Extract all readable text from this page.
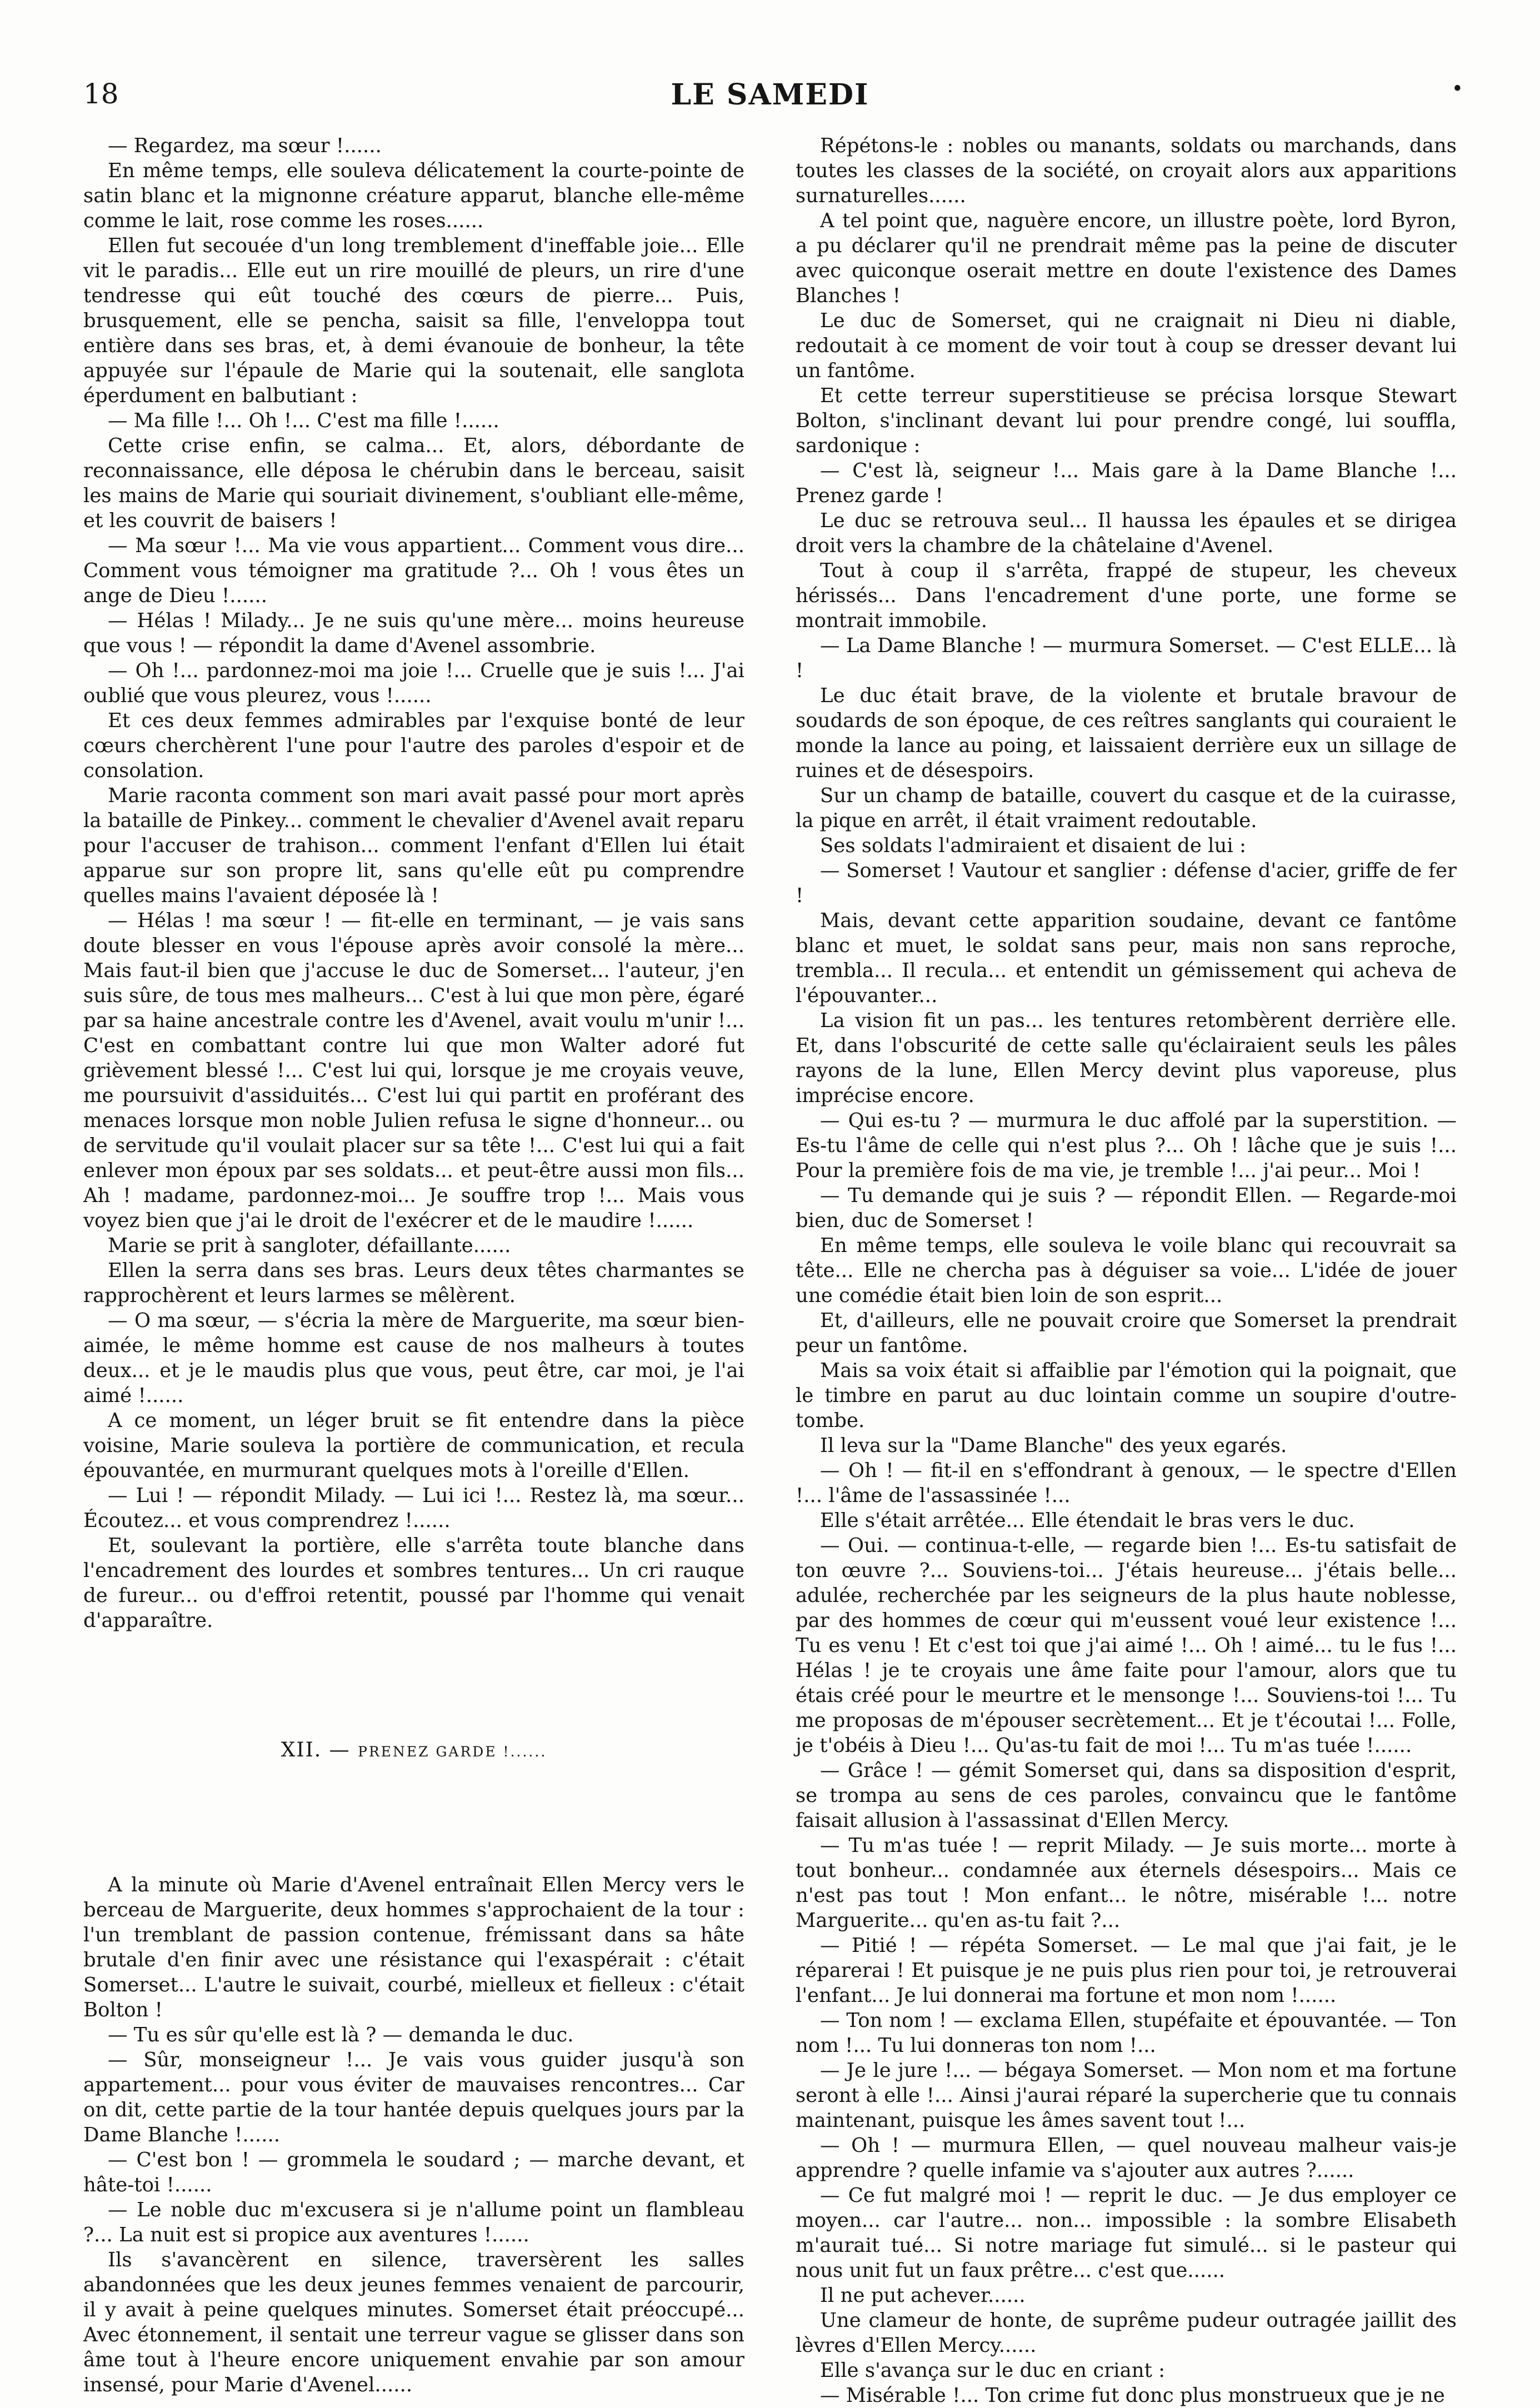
18	LE SAMEDI	•

— Regardez, ma sœur !......

En même temps, elle souleva délicatement la courte-pointe de satin blanc et la mignonne créature apparut, blanche elle-même comme le lait, rose comme les roses......

Ellen fut secouée d'un long tremblement d'ineffable joie... Elle vit le paradis... Elle eut un rire mouillé de pleurs, un rire d'une tendresse qui eût touché des cœurs de pierre... Puis, brusquement, elle se pencha, saisit sa fille, l'enveloppa tout entière dans ses bras, et, à demi évanouie de bonheur, la tête appuyée sur l'épaule de Marie qui la soutenait, elle sanglota éperdument en balbutiant :

— Ma fille !... Oh !... C'est ma fille !......

Cette crise enfin, se calma... Et, alors, débordante de reconnaissance, elle déposa le chérubin dans le berceau, saisit les mains de Marie qui souriait divinement, s'oubliant elle-même, et les couvrit de baisers !

— Ma sœur !... Ma vie vous appartient... Comment vous dire... Comment vous témoigner ma gratitude ?... Oh ! vous êtes un ange de Dieu !......

— Hélas ! Milady... Je ne suis qu'une mère... moins heureuse que vous ! — répondit la dame d'Avenel assombrie.

— Oh !... pardonnez-moi ma joie !... Cruelle que je suis !... J'ai oublié que vous pleurez, vous !......

Et ces deux femmes admirables par l'exquise bonté de leur cœurs cherchèrent l'une pour l'autre des paroles d'espoir et de consolation.

Marie raconta comment son mari avait passé pour mort après la bataille de Pinkey... comment le chevalier d'Avenel avait reparu pour l'accuser de trahison... comment l'enfant d'Ellen lui était apparue sur son propre lit, sans qu'elle eût pu comprendre quelles mains l'avaient déposée là !

— Hélas ! ma sœur ! — fit-elle en terminant, — je vais sans doute blesser en vous l'épouse après avoir consolé la mère... Mais faut-il bien que j'accuse le duc de Somerset... l'auteur, j'en suis sûre, de tous mes malheurs... C'est à lui que mon père, égaré par sa haine ancestrale contre les d'Avenel, avait voulu m'unir !... C'est en combattant contre lui que mon Walter adoré fut grièvement blessé !... C'est lui qui, lorsque je me croyais veuve, me poursuivit d'assiduités... C'est lui qui partit en proférant des menaces lorsque mon noble Julien refusa le signe d'honneur... ou de servitude qu'il voulait placer sur sa tête !... C'est lui qui a fait enlever mon époux par ses soldats... et peut-être aussi mon fils... Ah ! madame, pardonnez-moi... Je souffre trop !... Mais vous voyez bien que j'ai le droit de l'exécrer et de le maudire !......

Marie se prit à sangloter, défaillante......

Ellen la serra dans ses bras. Leurs deux têtes charmantes se rapprochèrent et leurs larmes se mêlèrent.

— O ma sœur, — s'écria la mère de Marguerite, ma sœur bien-aimée, le même homme est cause de nos malheurs à toutes deux... et je le maudis plus que vous, peut être, car moi, je l'ai aimé !......

A ce moment, un léger bruit se fit entendre dans la pièce voisine, Marie souleva la portière de communication, et recula épouvantée, en murmurant quelques mots à l'oreille d'Ellen.

— Lui ! — répondit Milady. — Lui ici !... Restez là, ma sœur... Écoutez... et vous comprendrez !......

Et, soulevant la portière, elle s'arrêta toute blanche dans l'encadrement des lourdes et sombres tentures... Un cri rauque de fureur... ou d'effroi retentit, poussé par l'homme qui venait d'apparaître.

XII. — PRENEZ GARDE !......

A la minute où Marie d'Avenel entraînait Ellen Mercy vers le berceau de Marguerite, deux hommes s'approchaient de la tour : l'un tremblant de passion contenue, frémissant dans sa hâte brutale d'en finir avec une résistance qui l'exaspérait : c'était Somerset... L'autre le suivait, courbé, mielleux et fielleux : c'était Bolton !

— Tu es sûr qu'elle est là ? — demanda le duc.

— Sûr, monseigneur !... Je vais vous guider jusqu'à son appartement... pour vous éviter de mauvaises rencontres... Car on dit, cette partie de la tour hantée depuis quelques jours par la Dame Blanche !......

— C'est bon ! — grommela le soudard ; — marche devant, et hâte-toi !......

— Le noble duc m'excusera si je n'allume point un flambleau ?... La nuit est si propice aux aventures !......

Ils s'avancèrent en silence, traversèrent les salles abandonnées que les deux jeunes femmes venaient de parcourir, il y avait à peine quelques minutes. Somerset était préoccupé... Avec étonnement, il sentait une terreur vague se glisser dans son âme tout à l'heure encore uniquement envahie par son amour insensé, pour Marie d'Avenel......

Répétons-le : nobles ou manants, soldats ou marchands, dans toutes les classes de la société, on croyait alors aux apparitions surnaturelles......

A tel point que, naguère encore, un illustre poète, lord Byron, a pu déclarer qu'il ne prendrait même pas la peine de discuter avec quiconque oserait mettre en doute l'existence des Dames Blanches !

Le duc de Somerset, qui ne craignait ni Dieu ni diable, redoutait à ce moment de voir tout à coup se dresser devant lui un fantôme.

Et cette terreur superstitieuse se précisa lorsque Stewart Bolton, s'inclinant devant lui pour prendre congé, lui souffla, sardonique :

— C'est là, seigneur !... Mais gare à la Dame Blanche !... Prenez garde !

Le duc se retrouva seul... Il haussa les épaules et se dirigea droit vers la chambre de la châtelaine d'Avenel.

Tout à coup il s'arrêta, frappé de stupeur, les cheveux hérissés... Dans l'encadrement d'une porte, une forme se montrait immobile.

— La Dame Blanche ! — murmura Somerset. — C'est ELLE... là !

Le duc était brave, de la violente et brutale bravour de soudards de son époque, de ces reîtres sanglants qui couraient le monde la lance au poing, et laissaient derrière eux un sillage de ruines et de désespoirs.

Sur un champ de bataille, couvert du casque et de la cuirasse, la pique en arrêt, il était vraiment redoutable.

Ses soldats l'admiraient et disaient de lui :

— Somerset ! Vautour et sanglier : défense d'acier, griffe de fer !

Mais, devant cette apparition soudaine, devant ce fantôme blanc et muet, le soldat sans peur, mais non sans reproche, trembla... Il recula... et entendit un gémissement qui acheva de l'épouvanter...

La vision fit un pas... les tentures retombèrent derrière elle. Et, dans l'obscurité de cette salle qu'éclairaient seuls les pâles rayons de la lune, Ellen Mercy devint plus vaporeuse, plus imprécise encore.

— Qui es-tu ? — murmura le duc affolé par la superstition. — Es-tu l'âme de celle qui n'est plus ?... Oh ! lâche que je suis !... Pour la première fois de ma vie, je tremble !... j'ai peur... Moi !

— Tu demande qui je suis ? — répondit Ellen. — Regarde-moi bien, duc de Somerset !

En même temps, elle souleva le voile blanc qui recouvrait sa tête... Elle ne chercha pas à déguiser sa voie... L'idée de jouer une comédie était bien loin de son esprit...

Et, d'ailleurs, elle ne pouvait croire que Somerset la prendrait peur un fantôme.

Mais sa voix était si affaiblie par l'émotion qui la poignait, que le timbre en parut au duc lointain comme un soupire d'outre-tombe.

Il leva sur la "Dame Blanche" des yeux egarés.

— Oh ! — fit-il en s'effondrant à genoux, — le spectre d'Ellen !... l'âme de l'assassinée !...

Elle s'était arrêtée... Elle étendait le bras vers le duc.

— Oui. — continua-t-elle, — regarde bien !... Es-tu satisfait de ton œuvre ?... Souviens-toi... J'étais heureuse... j'étais belle... adulée, recherchée par les seigneurs de la plus haute noblesse, par des hommes de cœur qui m'eussent voué leur existence !... Tu es venu ! Et c'est toi que j'ai aimé !... Oh ! aimé... tu le fus !... Hélas ! je te croyais une âme faite pour l'amour, alors que tu étais créé pour le meurtre et le mensonge !... Souviens-toi !... Tu me proposas de m'épouser secrètement... Et je t'écoutai !... Folle, je t'obéis à Dieu !... Qu'as-tu fait de moi !... Tu m'as tuée !......

— Grâce ! — gémit Somerset qui, dans sa disposition d'esprit, se trompa au sens de ces paroles, convaincu que le fantôme faisait allusion à l'assassinat d'Ellen Mercy.

— Tu m'as tuée ! — reprit Milady. — Je suis morte... morte à tout bonheur... condamnée aux éternels désespoirs... Mais ce n'est pas tout ! Mon enfant... le nôtre, misérable !... notre Marguerite... qu'en as-tu fait ?...

— Pitié ! — répéta Somerset. — Le mal que j'ai fait, je le réparerai ! Et puisque je ne puis plus rien pour toi, je retrouverai l'enfant... Je lui donnerai ma fortune et mon nom !......

— Ton nom ! — exclama Ellen, stupéfaite et épouvantée. — Ton nom !... Tu lui donneras ton nom !...

— Je le jure !... — bégaya Somerset. — Mon nom et ma fortune seront à elle !... Ainsi j'aurai réparé la supercherie que tu connais maintenant, puisque les âmes savent tout !...

— Oh ! — murmura Ellen, — quel nouveau malheur vais-je apprendre ? quelle infamie va s'ajouter aux autres ?......

— Ce fut malgré moi ! — reprit le duc. — Je dus employer ce moyen... car l'autre... non... impossible : la sombre Elisabeth m'aurait tué... Si notre mariage fut simulé... si le pasteur qui nous unit fut un faux prêtre... c'est que......

Il ne put achever......

Une clameur de honte, de suprême pudeur outragée jaillit des lèvres d'Ellen Mercy......

Elle s'avança sur le duc en criant :

— Misérable !... Ton crime fut donc plus monstrueux que je ne
